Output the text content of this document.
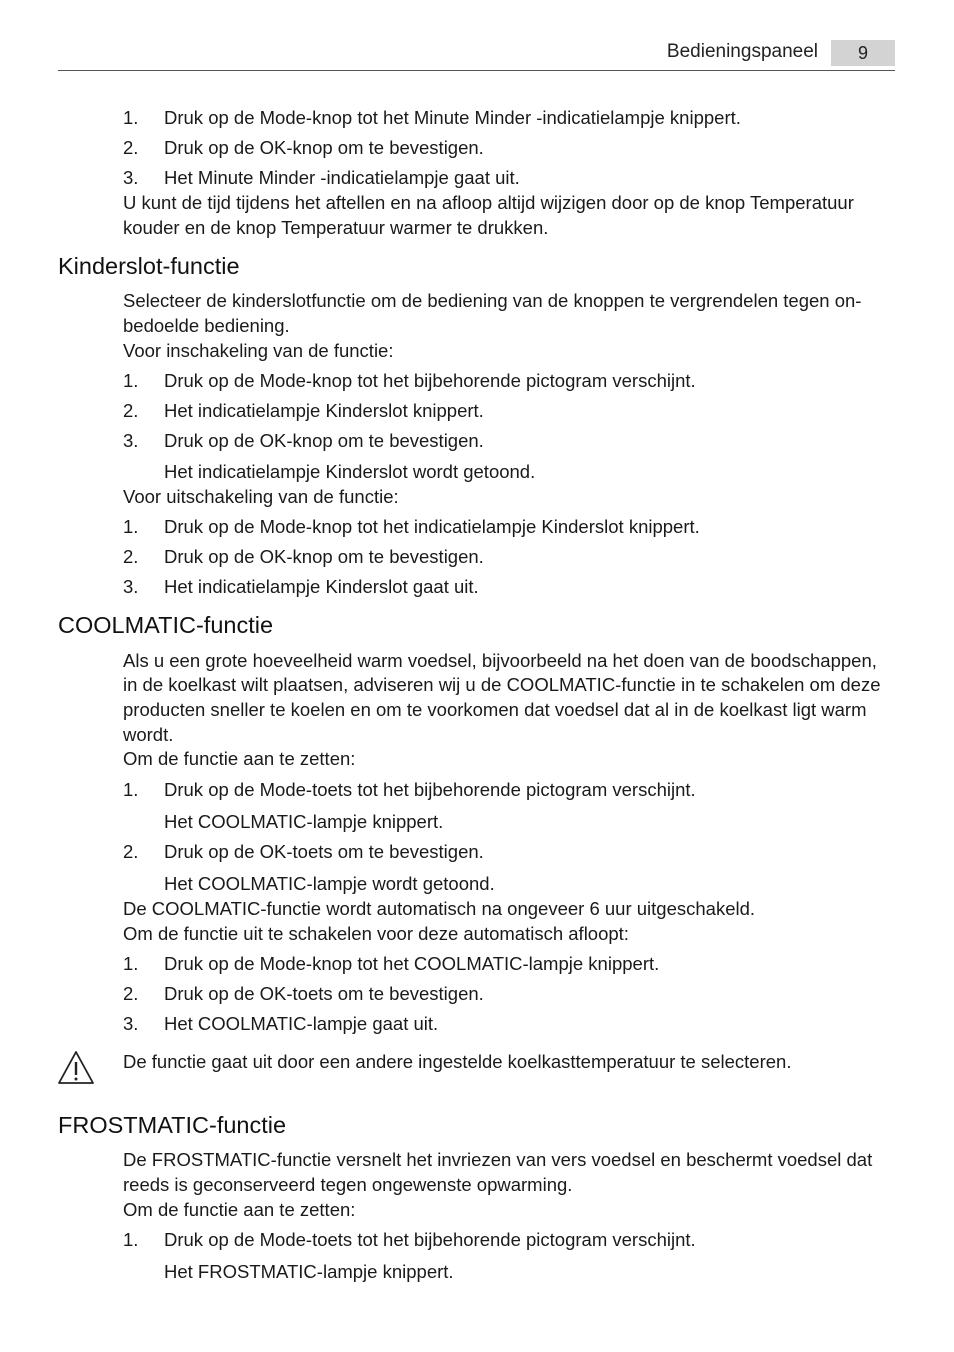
Bedieningspaneel	9
1. Druk op de Mode-knop tot het Minute Minder -indicatielampje knippert.
2. Druk op de OK-knop om te bevestigen.
3. Het Minute Minder -indicatielampje gaat uit.
U kunt de tijd tijdens het aftellen en na afloop altijd wijzigen door op de knop Temperatuur
kouder en de knop Temperatuur warmer te drukken.
Kinderslot-functie
Selecteer de kinderslotfunctie om de bediening van de knoppen te vergrendelen tegen on-
bedoelde bediening.
Voor inschakeling van de functie:
1. Druk op de Mode-knop tot het bijbehorende pictogram verschijnt.
2. Het indicatielampje Kinderslot knippert.
3. Druk op de OK-knop om te bevestigen.
Het indicatielampje Kinderslot wordt getoond.
Voor uitschakeling van de functie:
1. Druk op de Mode-knop tot het indicatielampje Kinderslot knippert.
2. Druk op de OK-knop om te bevestigen.
3. Het indicatielampje Kinderslot gaat uit.
COOLMATIC-functie
Als u een grote hoeveelheid warm voedsel, bijvoorbeeld na het doen van de boodschappen,
in de koelkast wilt plaatsen, adviseren wij u de COOLMATIC-functie in te schakelen om deze
producten sneller te koelen en om te voorkomen dat voedsel dat al in de koelkast ligt warm
wordt.
Om de functie aan te zetten:
1. Druk op de Mode-toets tot het bijbehorende pictogram verschijnt.
Het COOLMATIC-lampje knippert.
2. Druk op de OK-toets om te bevestigen.
Het COOLMATIC-lampje wordt getoond.
De COOLMATIC-functie wordt automatisch na ongeveer 6 uur uitgeschakeld.
Om de functie uit te schakelen voor deze automatisch afloopt:
1. Druk op de Mode-knop tot het COOLMATIC-lampje knippert.
2. Druk op de OK-toets om te bevestigen.
3. Het COOLMATIC-lampje gaat uit.
De functie gaat uit door een andere ingestelde koelkasttemperatuur te selecteren.
FROSTMATIC-functie
De FROSTMATIC-functie versnelt het invriezen van vers voedsel en beschermt voedsel dat
reeds is geconserveerd tegen ongewenste opwarming.
Om de functie aan te zetten:
1. Druk op de Mode-toets tot het bijbehorende pictogram verschijnt.
Het FROSTMATIC-lampje knippert.
